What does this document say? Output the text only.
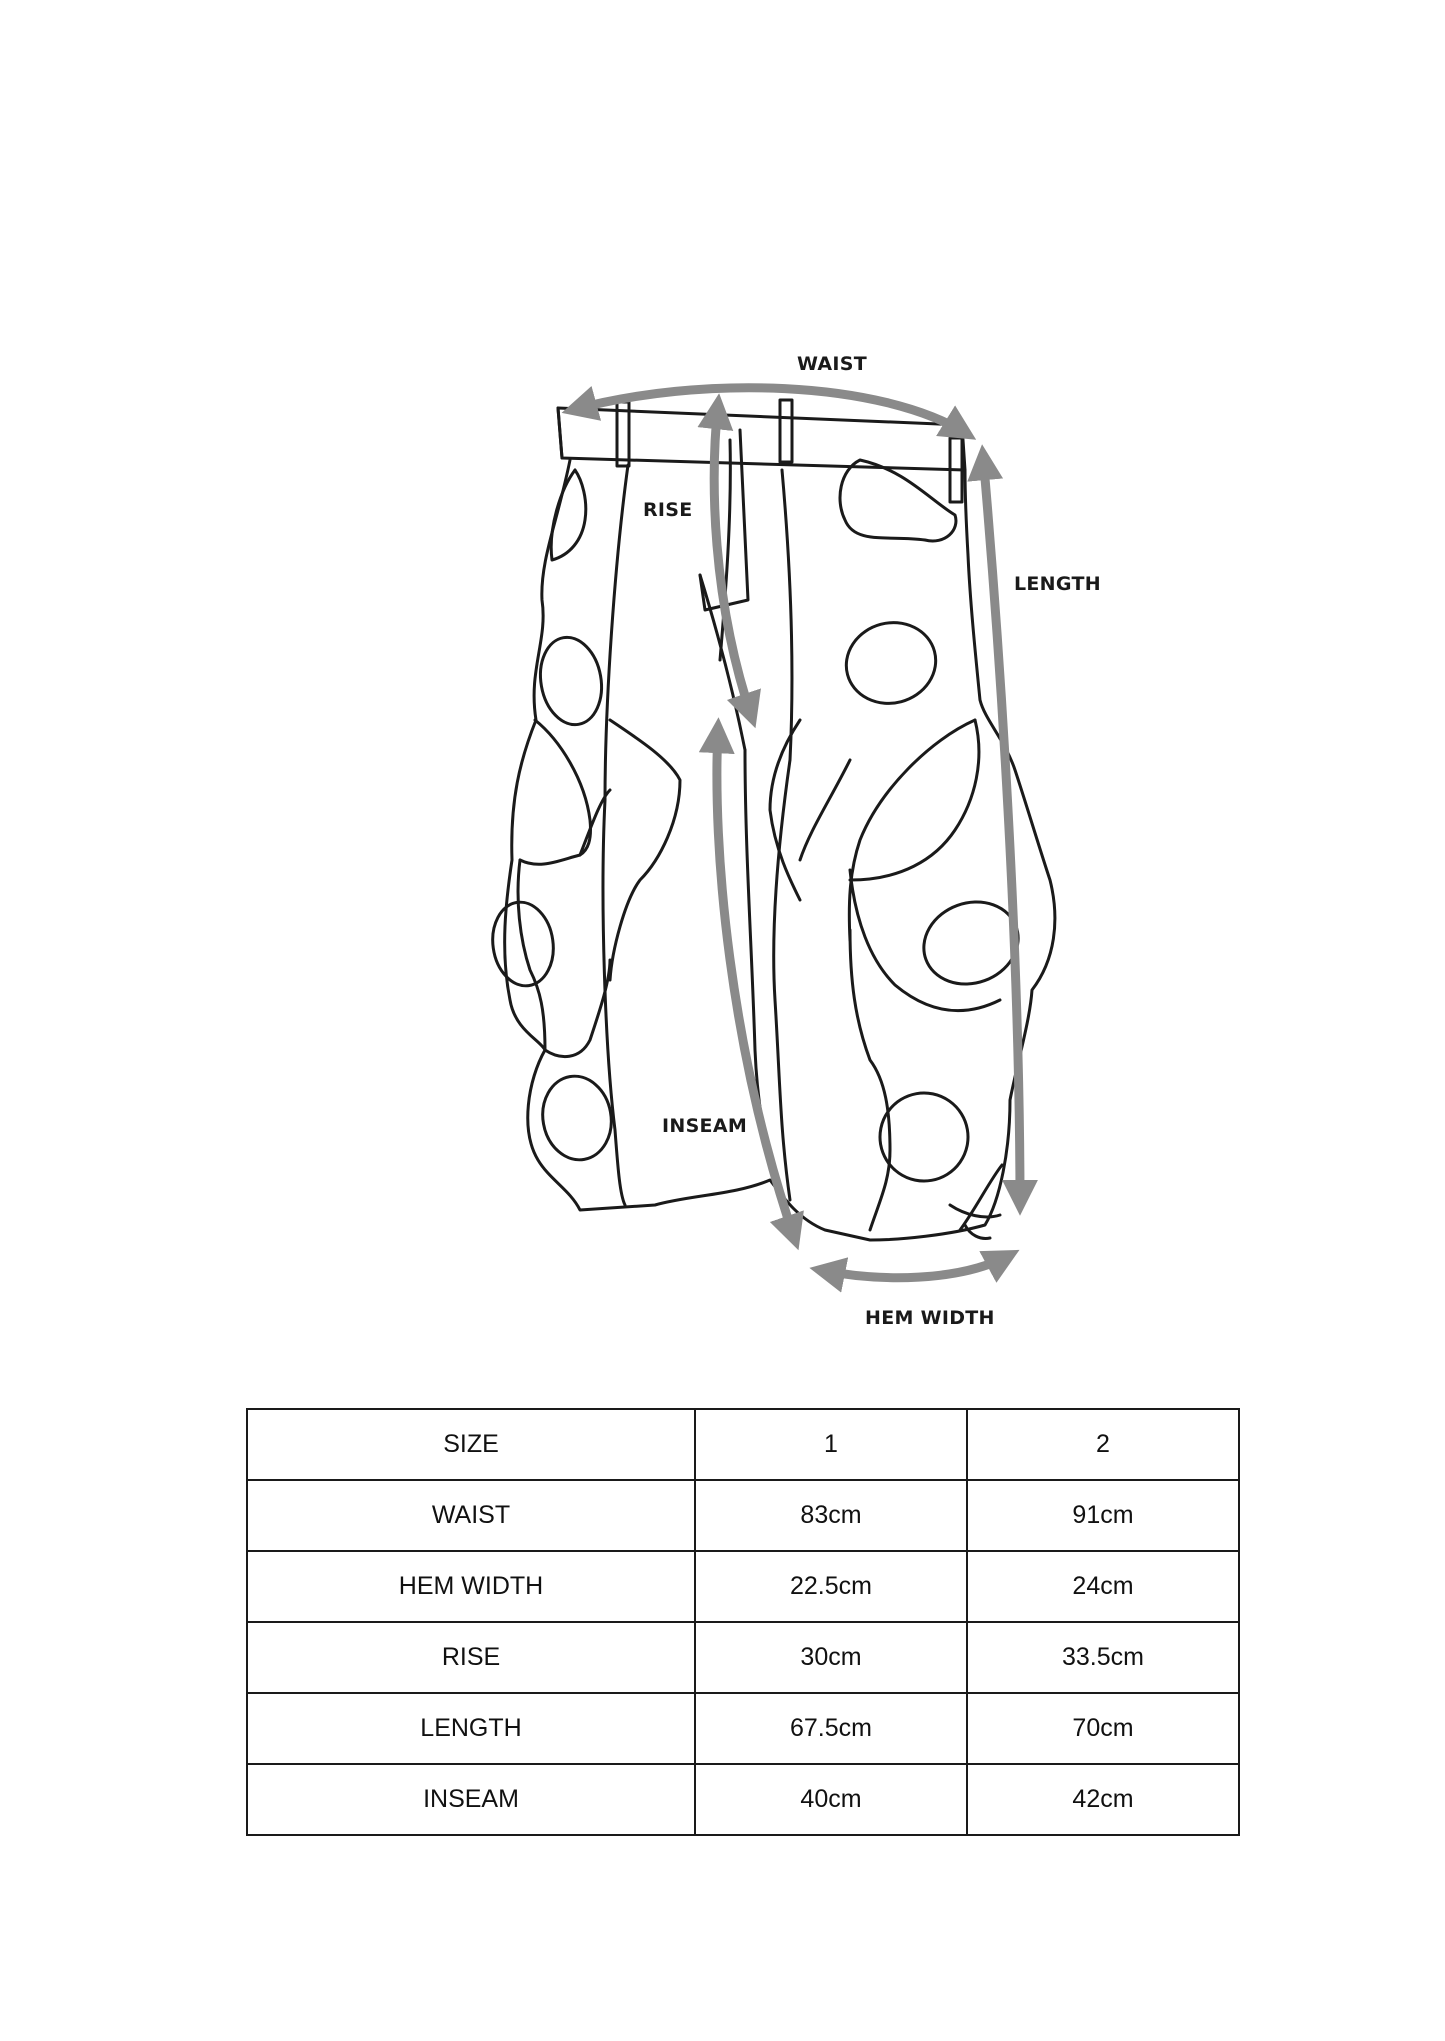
WAIST
RISE
LENGTH
INSEAM
HEM WIDTH
SIZE	1	2
WAIST	83cm	91cm
HEM WIDTH	22.5cm	24cm
RISE	30cm	33.5cm
LENGTH	67.5cm	70cm
INSEAM	40cm	42cm
